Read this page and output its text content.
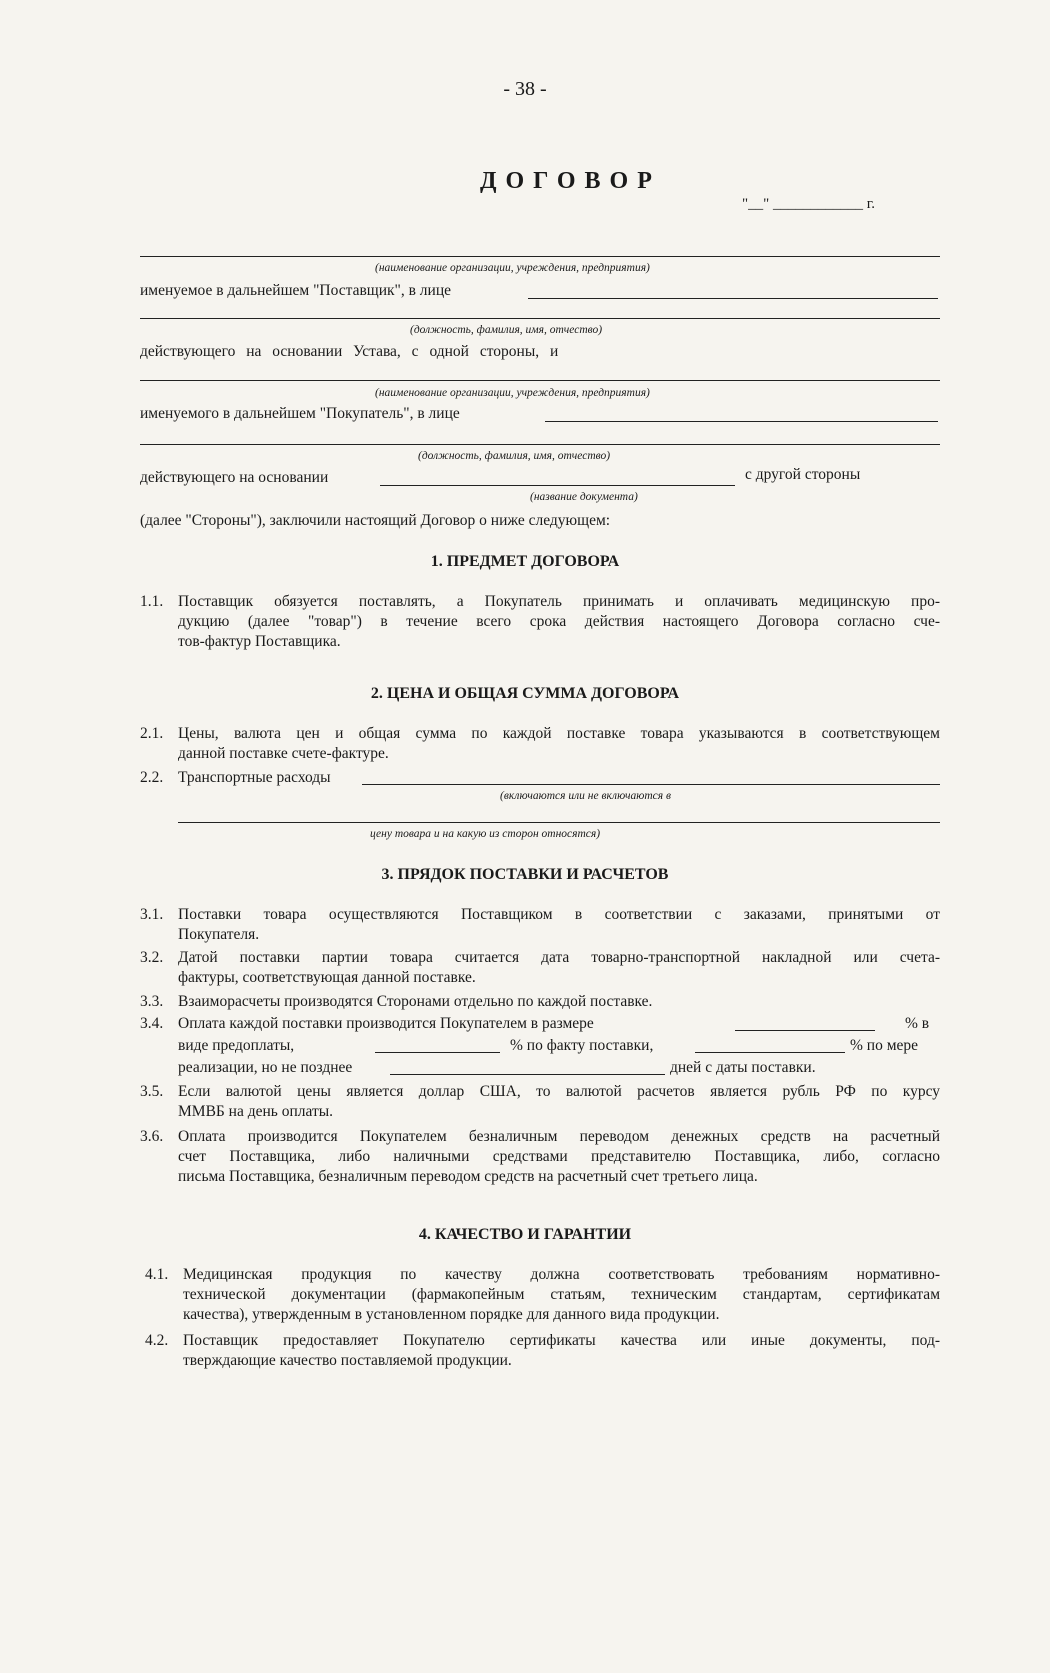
- 38 -
ДОГОВОР
"__" ____________ г.
(наименование организации, учреждения, предприятия)
именуемое в дальнейшем "Поставщик", в лице
(должность, фамилия, имя, отчество)
действующего на основании Устава, с одной стороны, и
(наименование организации, учреждения, предприятия)
именуемого в дальнейшем "Покупатель", в лице
(должность, фамилия, имя, отчество)
действующего на основании	с другой стороны
(название документа)
(далее "Стороны"), заключили настоящий Договор о ниже следующем:
1. ПРЕДМЕТ ДОГОВОРА
1.1. Поставщик обязуется поставлять, а Покупатель принимать и оплачивать медицинскую про-
дукцию (далее "товар") в течение всего срока действия настоящего Договора согласно сче-
тов-фактур Поставщика.
2. ЦЕНА И ОБЩАЯ СУММА ДОГОВОРА
2.1. Цены, валюта цен и общая сумма по каждой поставке товара указываются в соответствующем
данной поставке счете-фактуре.
2.2. Транспортные расходы
(включаются или не включаются в
цену товара и на какую из сторон относятся)
3. ПРЯДОК ПОСТАВКИ И РАСЧЕТОВ
3.1. Поставки товара осуществляются Поставщиком в соответствии с заказами, принятыми от
Покупателя.
3.2. Датой поставки партии товара считается дата товарно-транспортной накладной или счета-
фактуры, соответствующая данной поставке.
3.3. Взаиморасчеты производятся Сторонами отдельно по каждой поставке.
3.4. Оплата каждой поставки производится Покупателем в размере	% в
виде предоплаты,	% по факту поставки,	% по мере
реализации, но не позднее	дней с даты поставки.
3.5. Если валютой цены является доллар США, то валютой расчетов является рубль РФ по курсу
ММВБ на день оплаты.
3.6. Оплата производится Покупателем безналичным переводом денежных средств на расчетный
счет Поставщика, либо наличными средствами представителю Поставщика, либо, согласно
письма Поставщика, безналичным переводом средств на расчетный счет третьего лица.
4. КАЧЕСТВО И ГАРАНТИИ
4.1. Медицинская продукция по качеству должна соответствовать требованиям нормативно-
технической документации (фармакопейным статьям, техническим стандартам, сертификатам
качества), утвержденным в установленном порядке для данного вида продукции.
4.2. Поставщик предоставляет Покупателю сертификаты качества или иные документы, под-
тверждающие качество поставляемой продукции.
